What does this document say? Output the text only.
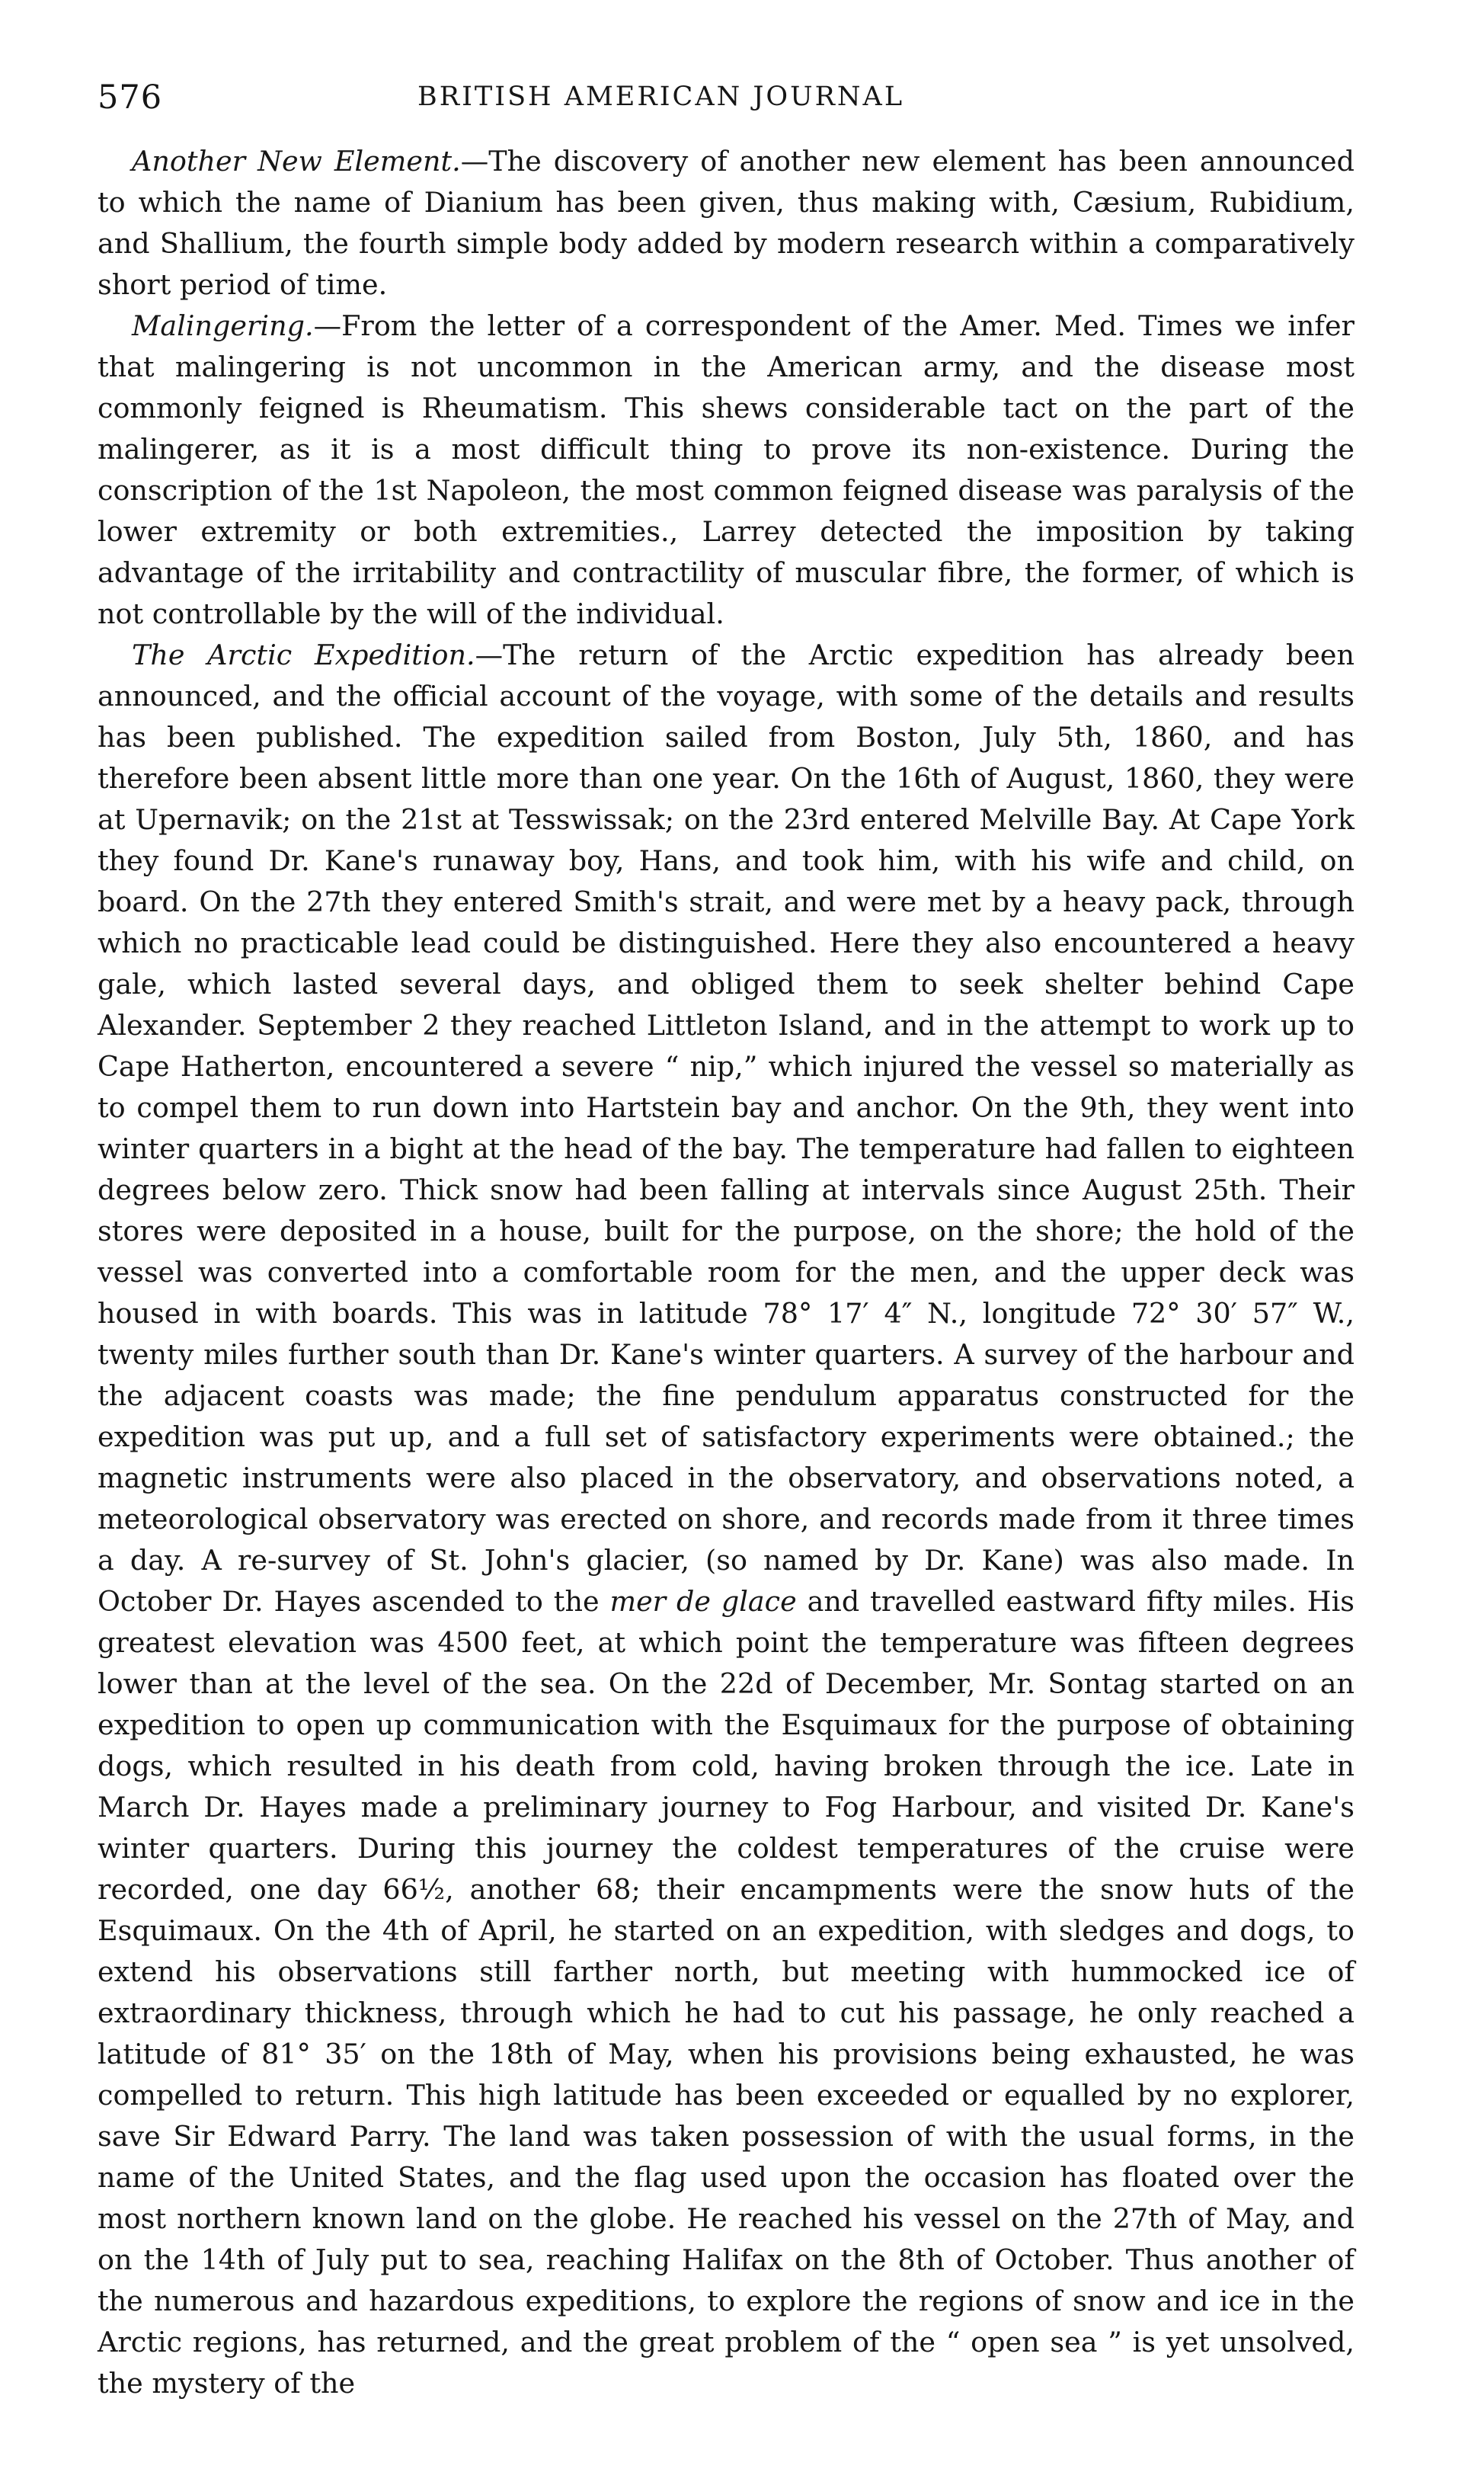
576	BRITISH AMERICAN JOURNAL

Another New Element.—The discovery of another new element has been announced to which the name of Dianium has been given, thus making with, Cæsium, Rubidium, and Shallium, the fourth simple body added by modern research within a comparatively short period of time.

Malingering.—From the letter of a correspondent of the Amer. Med. Times we infer that malingering is not uncommon in the American army, and the disease most commonly feigned is Rheumatism. This shews considerable tact on the part of the malingerer, as it is a most difficult thing to prove its non-existence. During the conscription of the 1st Napoleon, the most common feigned disease was paralysis of the lower extremity or both extremities., Larrey detected the imposition by taking advantage of the irritability and contractility of muscular fibre, the former, of which is not controllable by the will of the individual.

The Arctic Expedition.—The return of the Arctic expedition has already been announced, and the official account of the voyage, with some of the details and results has been published. The expedition sailed from Boston, July 5th, 1860, and has therefore been absent little more than one year. On the 16th of August, 1860, they were at Upernavik; on the 21st at Tesswissak; on the 23rd entered Melville Bay. At Cape York they found Dr. Kane's runaway boy, Hans, and took him, with his wife and child, on board. On the 27th they entered Smith's strait, and were met by a heavy pack, through which no practicable lead could be distinguished. Here they also encountered a heavy gale, which lasted several days, and obliged them to seek shelter behind Cape Alexander. September 2 they reached Littleton Island, and in the attempt to work up to Cape Hatherton, encountered a severe “ nip,” which injured the vessel so materially as to compel them to run down into Hartstein bay and anchor. On the 9th, they went into winter quarters in a bight at the head of the bay. The temperature had fallen to eighteen degrees below zero. Thick snow had been falling at intervals since August 25th. Their stores were deposited in a house, built for the purpose, on the shore; the hold of the vessel was converted into a comfortable room for the men, and the upper deck was housed in with boards. This was in latitude 78° 17′ 4″ N., longitude 72° 30′ 57″ W., twenty miles further south than Dr. Kane's winter quarters. A survey of the harbour and the adjacent coasts was made; the fine pendulum apparatus constructed for the expedition was put up, and a full set of satisfactory experiments were obtained.; the magnetic instruments were also placed in the observatory, and observations noted, a meteorological observatory was erected on shore, and records made from it three times a day. A re-survey of St. John's glacier, (so named by Dr. Kane) was also made. In October Dr. Hayes ascended to the mer de glace and travelled eastward fifty miles. His greatest elevation was 4500 feet, at which point the temperature was fifteen degrees lower than at the level of the sea. On the 22d of December, Mr. Sontag started on an expedition to open up communication with the Esquimaux for the purpose of obtaining dogs, which resulted in his death from cold, having broken through the ice. Late in March Dr. Hayes made a preliminary journey to Fog Harbour, and visited Dr. Kane's winter quarters. During this journey the coldest temperatures of the cruise were recorded, one day 66½, another 68; their encampments were the snow huts of the Esquimaux. On the 4th of April, he started on an expedition, with sledges and dogs, to extend his observations still farther north, but meeting with hummocked ice of extraordinary thickness, through which he had to cut his passage, he only reached a latitude of 81° 35′ on the 18th of May, when his provisions being exhausted, he was compelled to return. This high latitude has been exceeded or equalled by no explorer, save Sir Edward Parry. The land was taken possession of with the usual forms, in the name of the United States, and the flag used upon the occasion has floated over the most northern known land on the globe. He reached his vessel on the 27th of May, and on the 14th of July put to sea, reaching Halifax on the 8th of October. Thus another of the numerous and hazardous expeditions, to explore the regions of snow and ice in the Arctic regions, has returned, and the great problem of the “ open sea ” is yet unsolved, the mystery of the
